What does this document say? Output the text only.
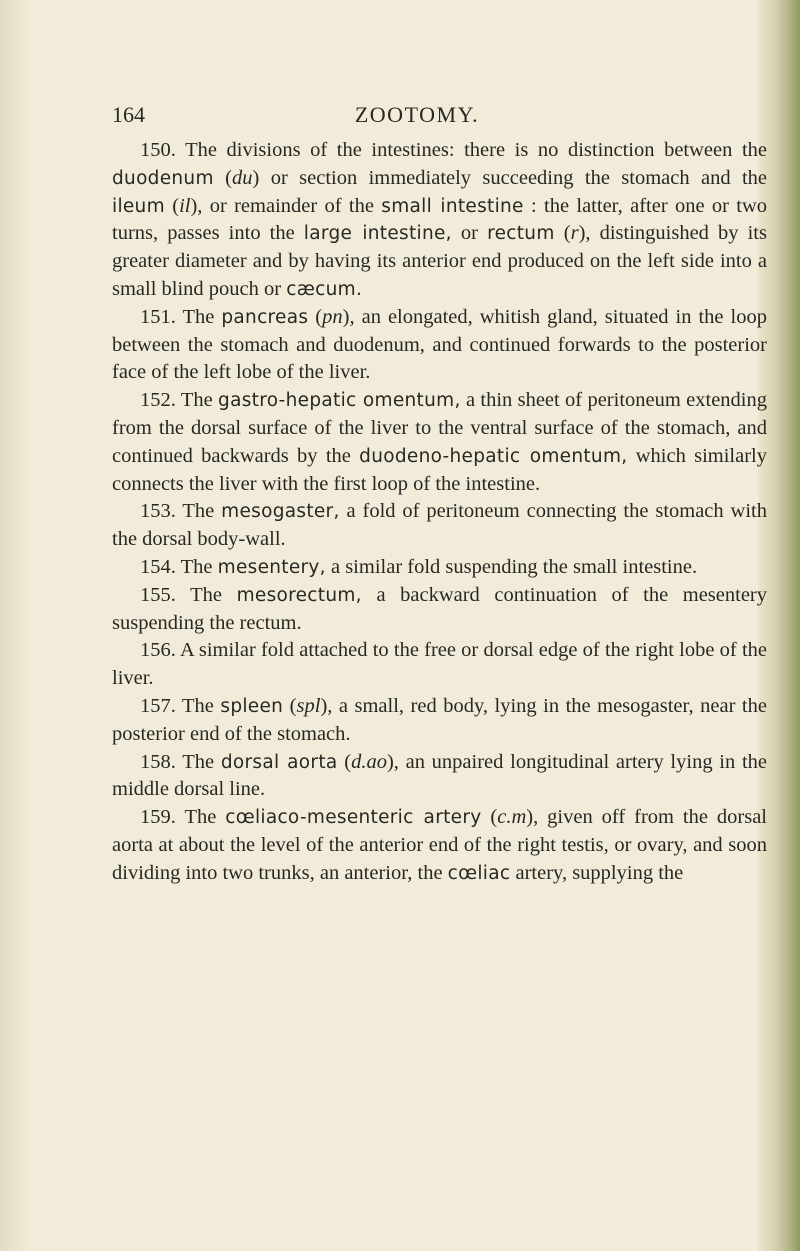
164	ZOOTOMY.

150. The divisions of the intestines: there is no distinction between the duodenum (du) or section immediately succeeding the stomach and the ileum (il), or remainder of the small intestine : the latter, after one or two turns, passes into the large intestine, or rectum (r), distinguished by its greater diameter and by having its anterior end produced on the left side into a small blind pouch or cæcum.

151. The pancreas (pn), an elongated, whitish gland, situated in the loop between the stomach and duodenum, and continued forwards to the posterior face of the left lobe of the liver.

152. The gastro-hepatic omentum, a thin sheet of peritoneum extending from the dorsal surface of the liver to the ventral surface of the stomach, and continued backwards by the duodeno-hepatic omentum, which similarly connects the liver with the first loop of the intestine.

153. The mesogaster, a fold of peritoneum connecting the stomach with the dorsal body-wall.

154. The mesentery, a similar fold suspending the small intestine.

155. The mesorectum, a backward continuation of the mesentery suspending the rectum.

156. A similar fold attached to the free or dorsal edge of the right lobe of the liver.

157. The spleen (spl), a small, red body, lying in the mesogaster, near the posterior end of the stomach.

158. The dorsal aorta (d.ao), an unpaired longitudinal artery lying in the middle dorsal line.

159. The cœliaco-mesenteric artery (c.m), given off from the dorsal aorta at about the level of the anterior end of the right testis, or ovary, and soon dividing into two trunks, an anterior, the cœliac artery, supplying the
